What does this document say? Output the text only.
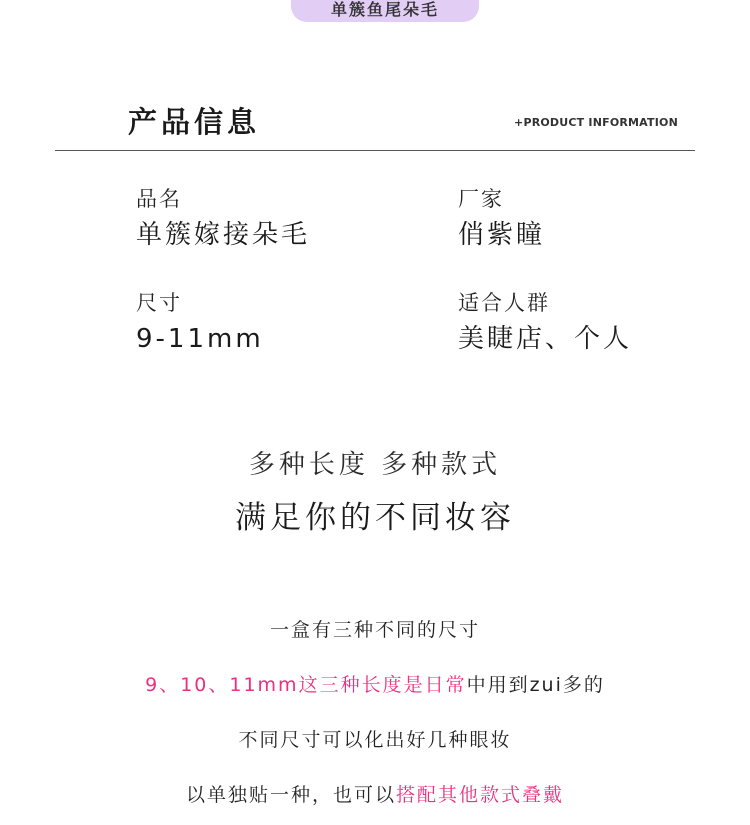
单簇鱼尾朵毛
产品信息	+PRODUCT INFORMATION
品名
单簇嫁接朵毛
厂家
俏紫瞳
尺寸
9-11mm
适合人群
美睫店、个人
多种长度 多种款式
满足你的不同妆容
一盒有三种不同的尺寸
9、10、11mm这三种长度是日常中用到zui多的
不同尺寸可以化出好几种眼妆
以单独贴一种，也可以搭配其他款式叠戴
